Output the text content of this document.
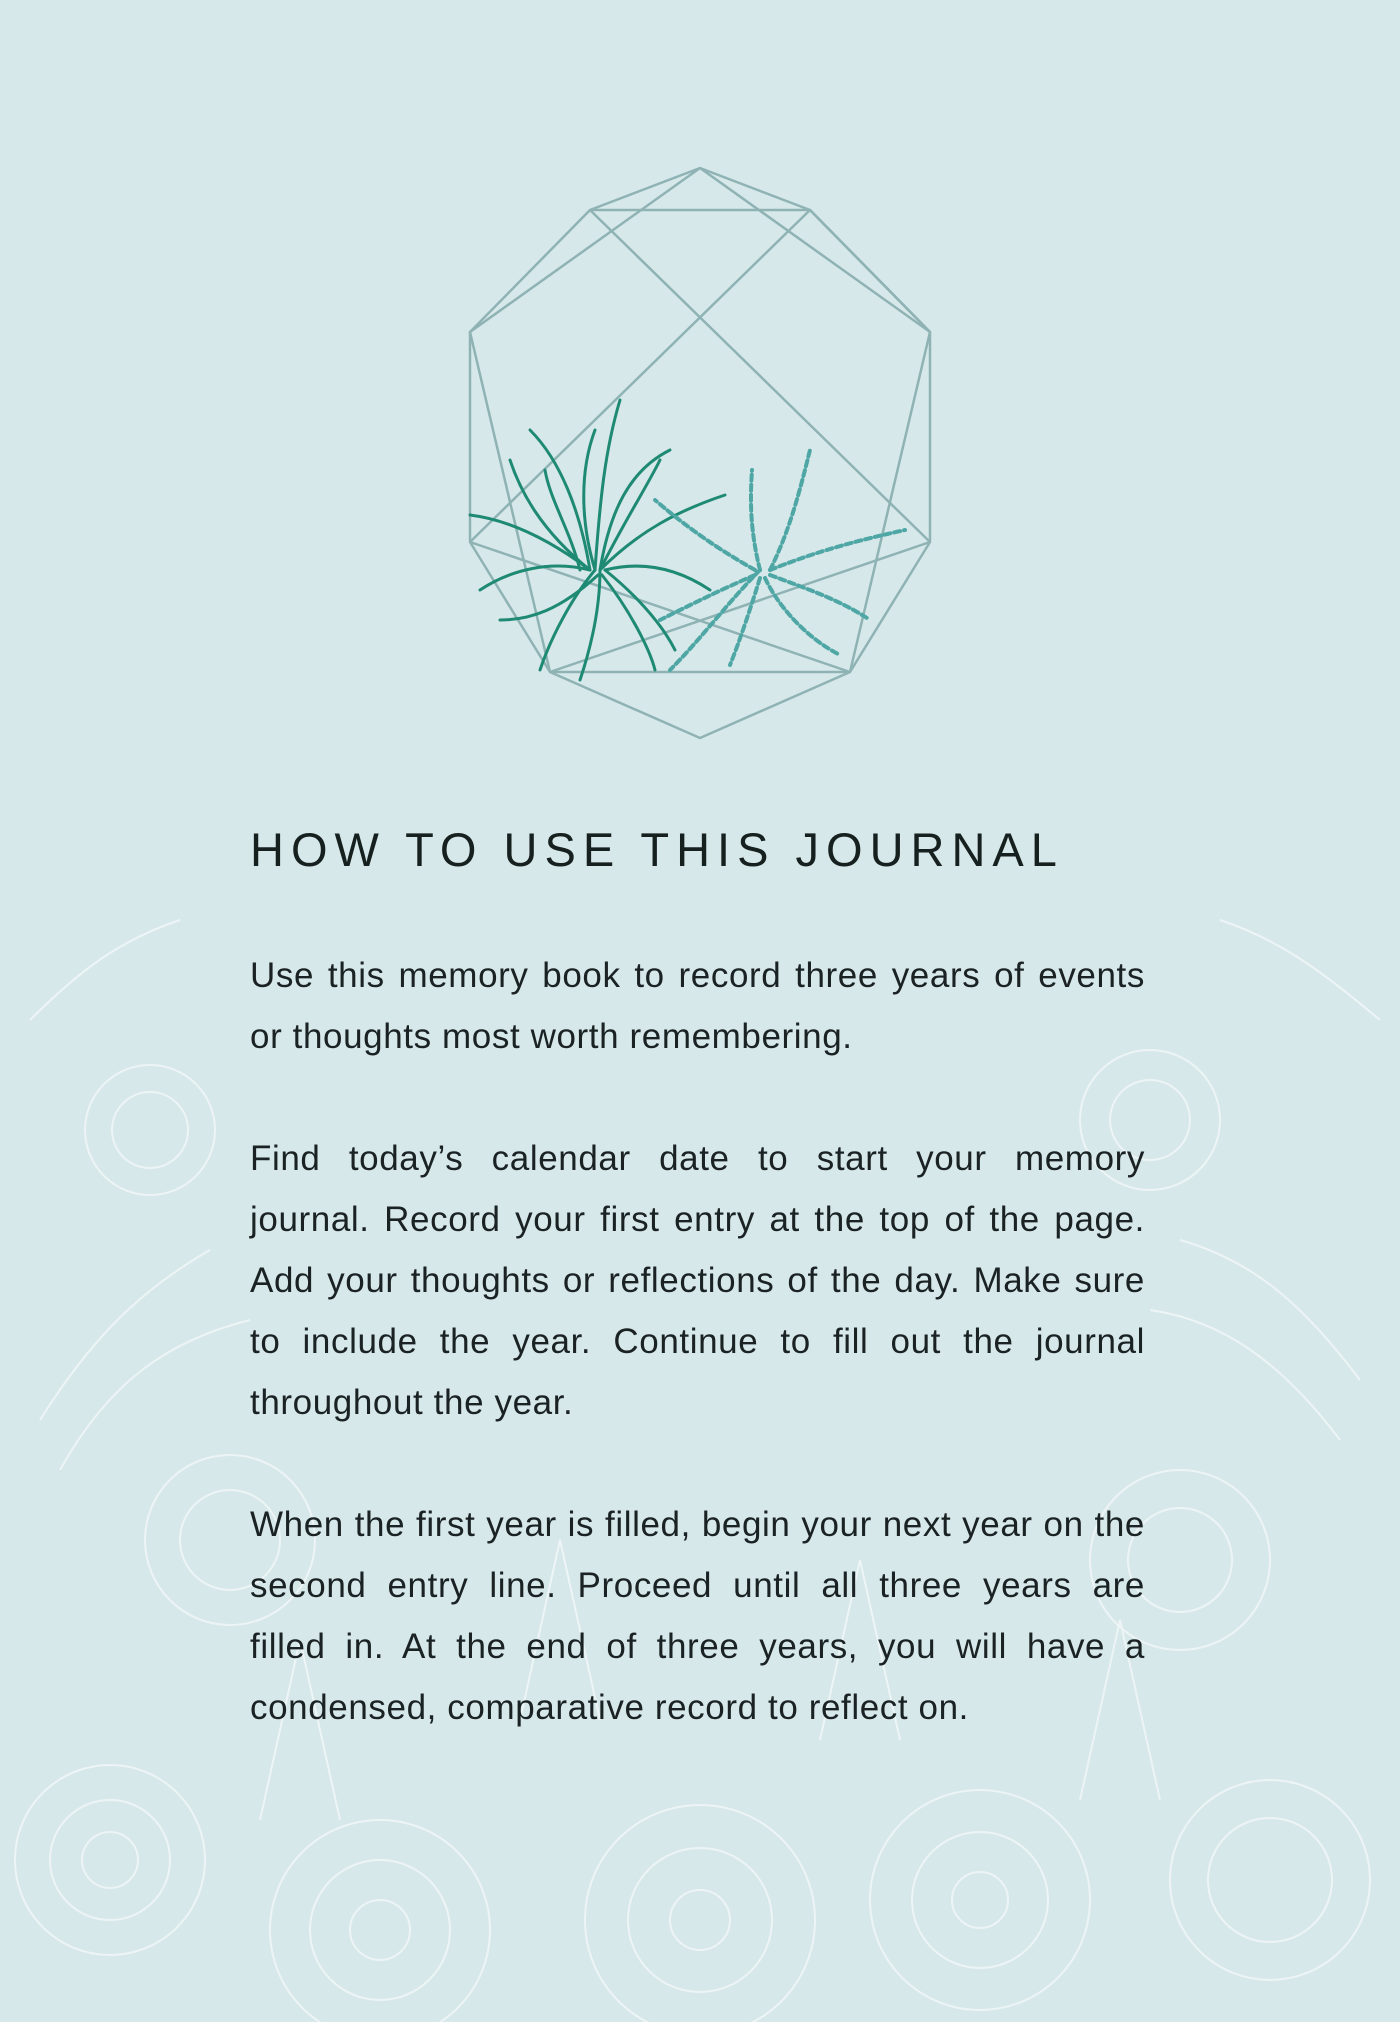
HOW TO USE THIS JOURNAL

Use this memory book to record three years of events or thoughts most worth remembering.

Find today’s calendar date to start your memory journal. Record your first entry at the top of the page. Add your thoughts or reflections of the day. Make sure to include the year. Continue to fill out the journal throughout the year.

When the first year is filled, begin your next year on the second entry line. Proceed until all three years are filled in. At the end of three years, you will have a condensed, comparative record to reflect on.
